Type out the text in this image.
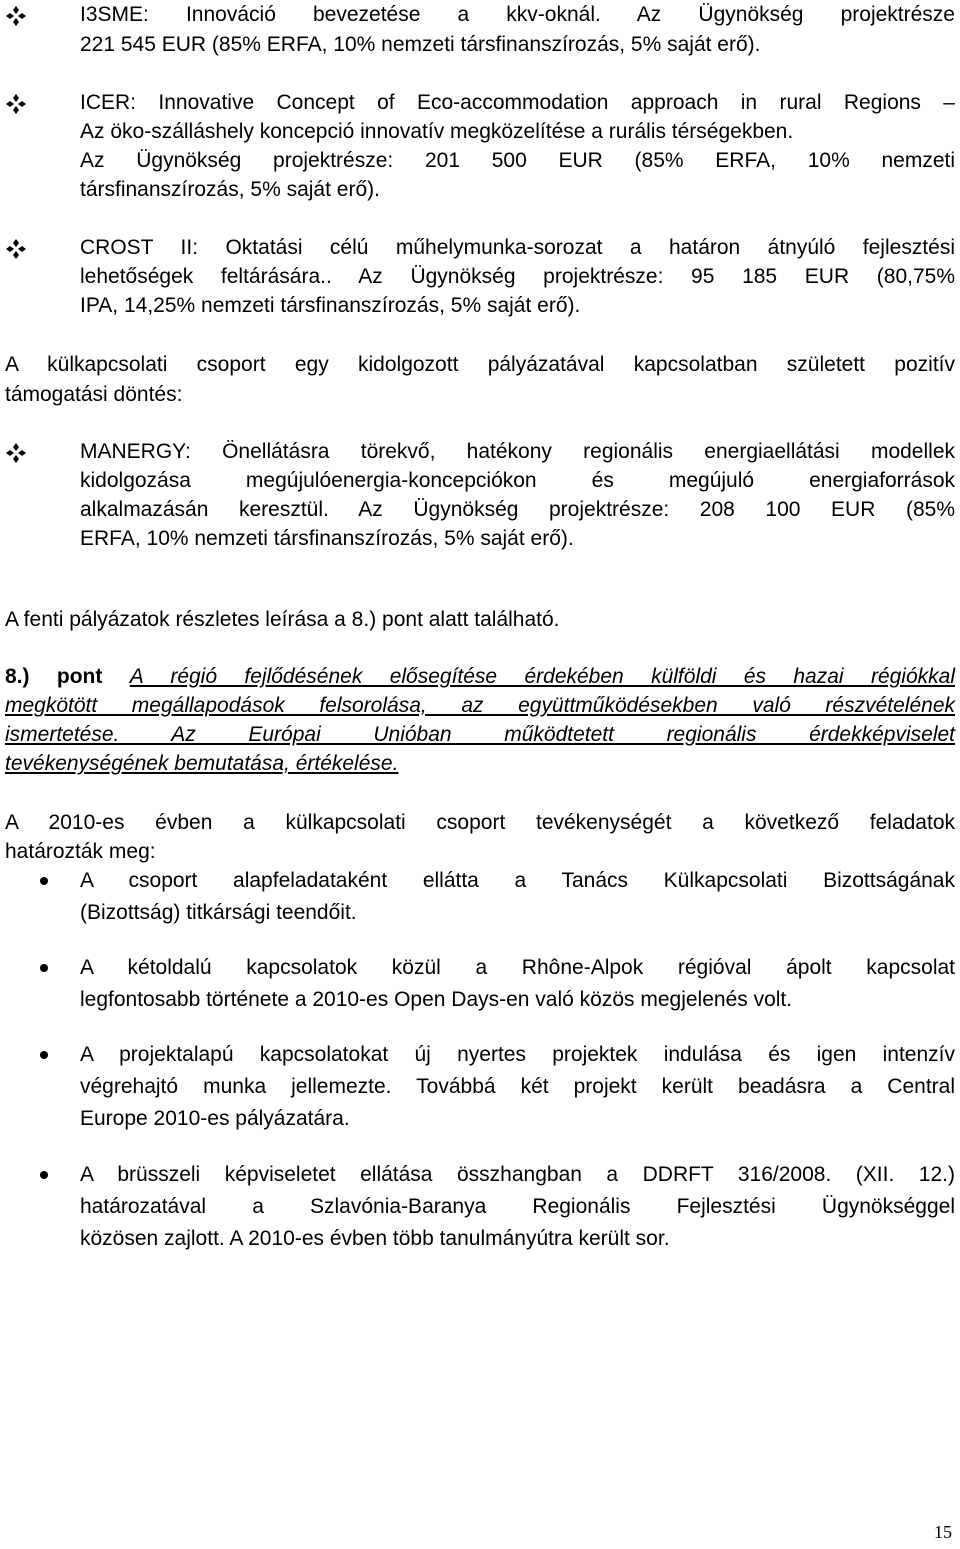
I3SME: Innováció bevezetése a kkv-oknál. Az Ügynökség projektrésze
221 545 EUR (85% ERFA, 10% nemzeti társfinanszírozás, 5% saját erő).
ICER: Innovative Concept of Eco-accommodation approach in rural Regions –
Az öko-szálláshely koncepció innovatív megközelítése a rurális térségekben.
Az Ügynökség projektrésze: 201 500 EUR (85% ERFA, 10% nemzeti
társfinanszírozás, 5% saját erő).
CROST II: Oktatási célú műhelymunka-sorozat a határon átnyúló fejlesztési
lehetőségek feltárására.. Az Ügynökség projektrésze: 95 185 EUR (80,75%
IPA, 14,25% nemzeti társfinanszírozás, 5% saját erő).
A külkapcsolati csoport egy kidolgozott pályázatával kapcsolatban született pozitív
támogatási döntés:
MANERGY: Önellátásra törekvő, hatékony regionális energiaellátási modellek
kidolgozása megújulóenergia-koncepciókon és megújuló energiaforrások
alkalmazásán keresztül. Az Ügynökség projektrésze: 208 100 EUR (85%
ERFA, 10% nemzeti társfinanszírozás, 5% saját erő).
A fenti pályázatok részletes leírása a 8.) pont alatt található.
8.) pont A régió fejlődésének elősegítése érdekében külföldi és hazai régiókkal
megkötött megállapodások felsorolása, az együttműködésekben való részvételének
ismertetése. Az Európai Unióban működtetett regionális érdekképviselet
tevékenységének bemutatása, értékelése.
A 2010-es évben a külkapcsolati csoport tevékenységét a következő feladatok
határozták meg:
A csoport alapfeladataként ellátta a Tanács Külkapcsolati Bizottságának
(Bizottság) titkársági teendőit.
A kétoldalú kapcsolatok közül a Rhône-Alpok régióval ápolt kapcsolat
legfontosabb története a 2010-es Open Days-en való közös megjelenés volt.
A projektalapú kapcsolatokat új nyertes projektek indulása és igen intenzív
végrehajtó munka jellemezte. Továbbá két projekt került beadásra a Central
Europe 2010-es pályázatára.
A brüsszeli képviseletet ellátása összhangban a DDRFT 316/2008. (XII. 12.)
határozatával a Szlavónia-Baranya Regionális Fejlesztési Ügynökséggel
közösen zajlott. A 2010-es évben több tanulmányútra került sor.
15
